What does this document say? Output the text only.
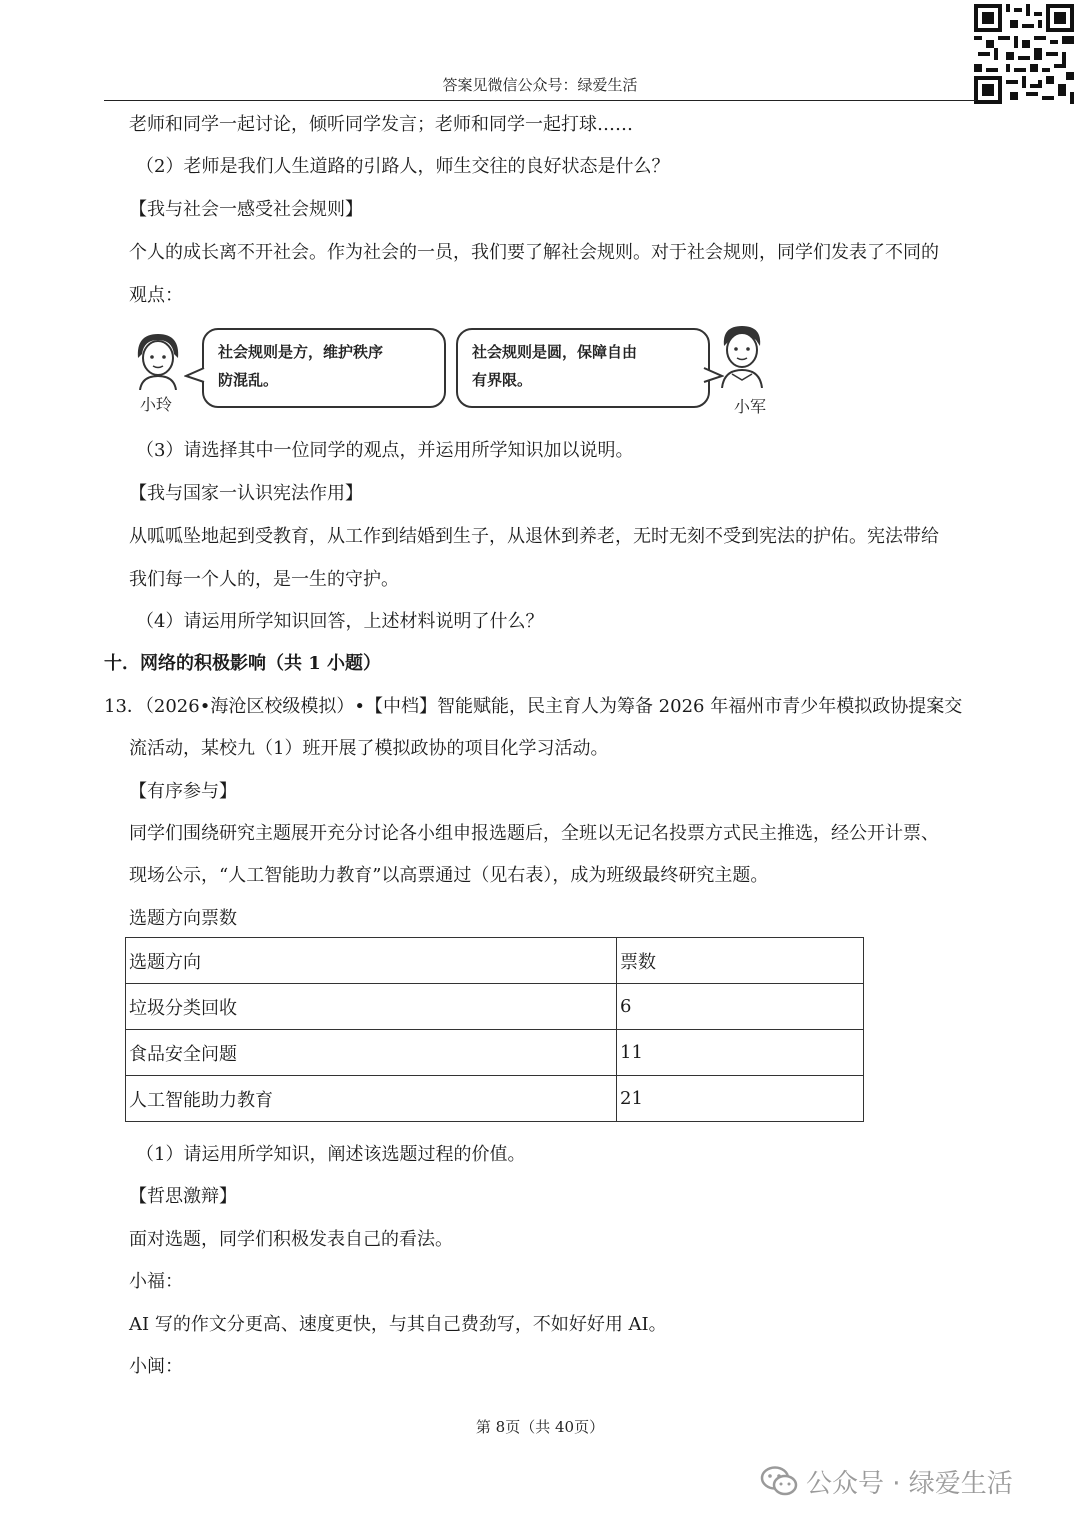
答案见微信公众号：绿爱生活
老师和同学一起讨论，倾听同学发言；老师和同学一起打球……
（2）老师是我们人生道路的引路人，师生交往的良好状态是什么？
【我与社会一感受社会规则】
个人的成长离不开社会。作为社会的一员，我们要了解社会规则。对于社会规则，同学们发表了不同的
观点：
小玲
社会规则是方，维护秩序
防混乱。
社会规则是圆，保障自由
有界限。
小军
（3）请选择其中一位同学的观点，并运用所学知识加以说明。
【我与国家一认识宪法作用】
从呱呱坠地起到受教育，从工作到结婚到生子，从退休到养老，无时无刻不受到宪法的护佑。宪法带给
我们每一个人的，是一生的守护。
（4）请运用所学知识回答，上述材料说明了什么？
十．网络的积极影响（共 1 小题）
13．（2026•海沧区校级模拟）•【中档】智能赋能，民主育人为筹备 2026 年福州市青少年模拟政协提案交
流活动，某校九（1）班开展了模拟政协的项目化学习活动。
【有序参与】
同学们围绕研究主题展开充分讨论各小组申报选题后，全班以无记名投票方式民主推选，经公开计票、
现场公示，“人工智能助力教育”以高票通过（见右表），成为班级最终研究主题。
选题方向票数
选题方向	票数
垃圾分类回收	6
食品安全问题	11
人工智能助力教育	21
（1）请运用所学知识，阐述该选题过程的价值。
【哲思激辩】
面对选题，同学们积极发表自己的看法。
小福：
AI 写的作文分更高、速度更快，与其自己费劲写，不如好好用 AI。
小闽：
第 8页（共 40页）
公众号 · 绿爱生活
